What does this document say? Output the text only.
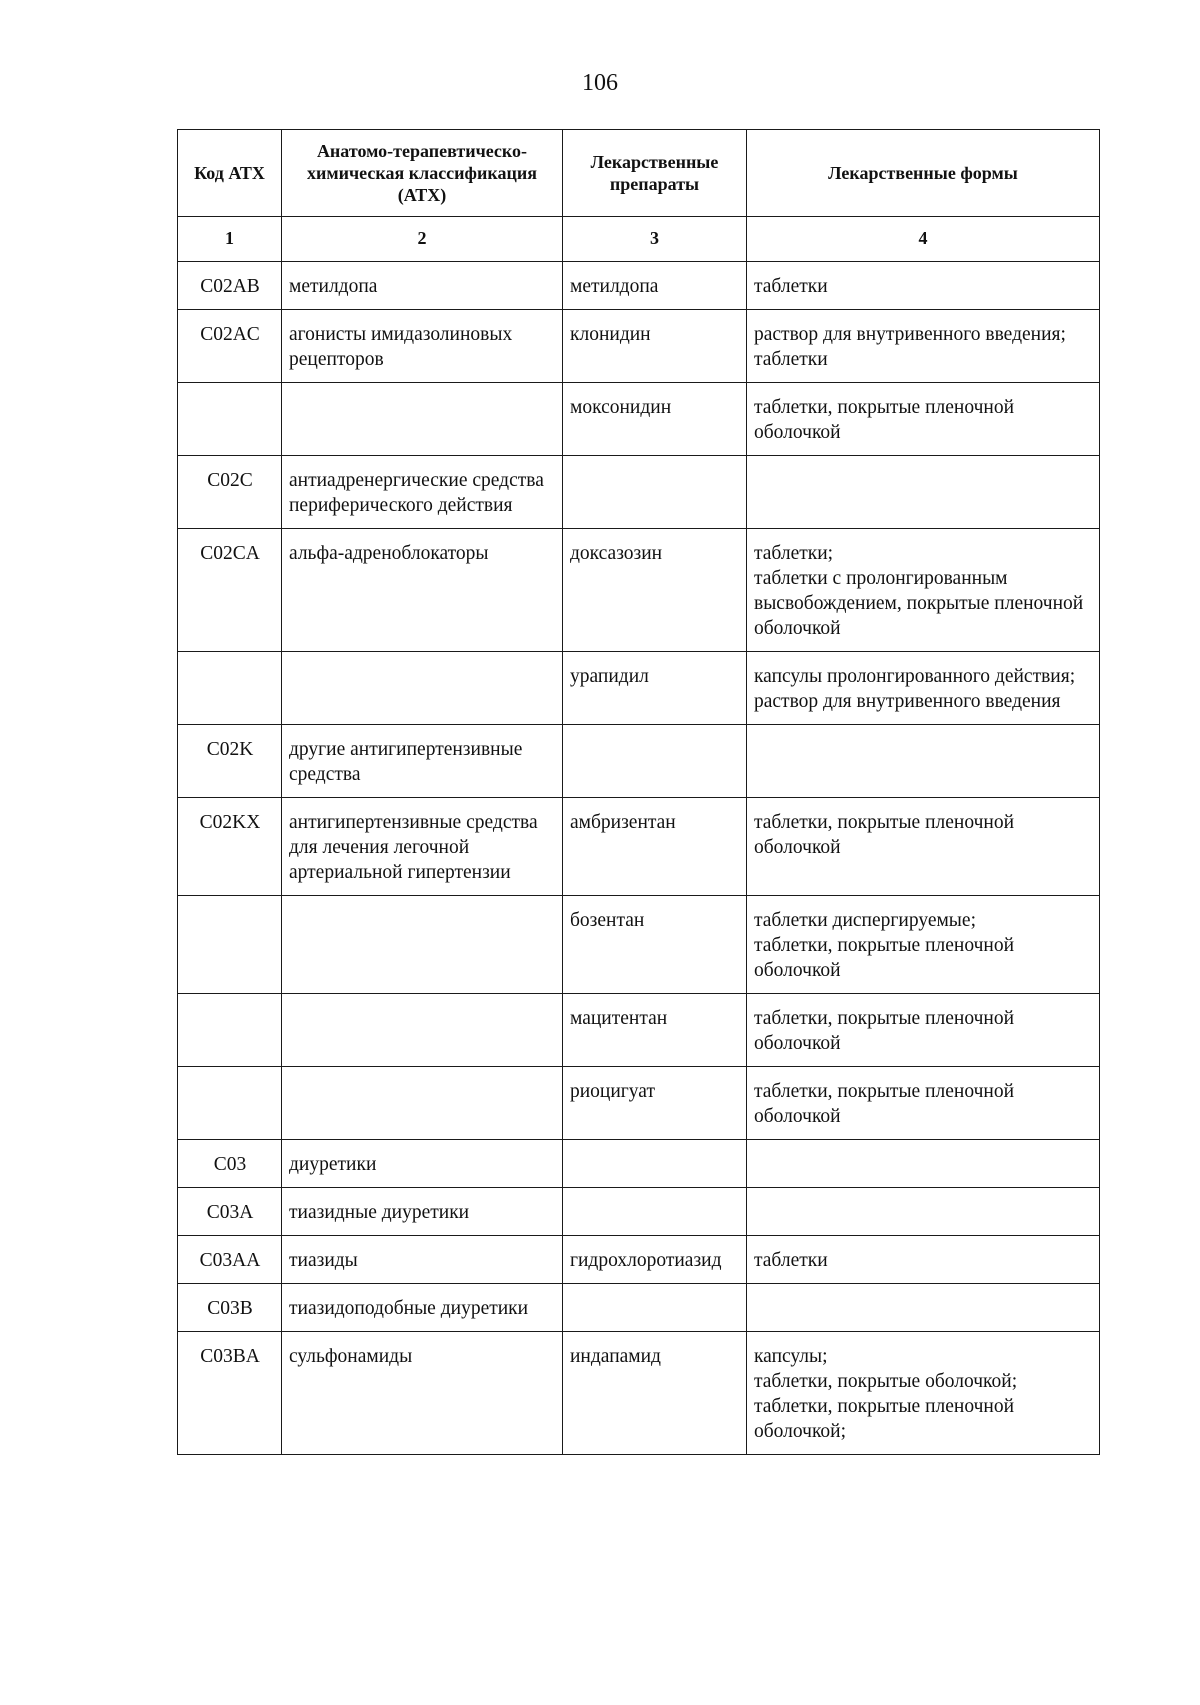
106
Код АТХ	Анатомо-терапевтическо-химическая классификация (АТХ)	Лекарственные препараты	Лекарственные формы
1	2	3	4
C02AB	метилдопа	метилдопа	таблетки

C02AC	агонисты имидазолиновых рецепторов	клонидин	раствор для внутривенного введения;
таблетки

		моксонидин	таблетки, покрытые пленочной оболочкой

C02C	антиадренергические средства периферического действия		
C02CA	альфа-адреноблокаторы	доксазозин	таблетки;
таблетки с пролонгированным высвобождением, покрытые пленочной оболочкой

		урапидил	капсулы пролонгированного действия;
раствор для внутривенного введения

C02K	другие антигипертензивные средства		
C02KX	антигипертензивные средства для лечения легочной артериальной гипертензии	амбризентан	таблетки, покрытые пленочной оболочкой

		бозентан	таблетки диспергируемые;
таблетки, покрытые пленочной оболочкой

		мацитентан	таблетки, покрытые пленочной оболочкой

		риоцигуат	таблетки, покрытые пленочной оболочкой

C03	диуретики		
C03A	тиазидные диуретики		
C03AA	тиазиды	гидрохлоротиазид	таблетки

C03B	тиазидоподобные диуретики		
C03BA	сульфонамиды	индапамид	капсулы;
таблетки, покрытые оболочкой;
таблетки, покрытые пленочной оболочкой;
